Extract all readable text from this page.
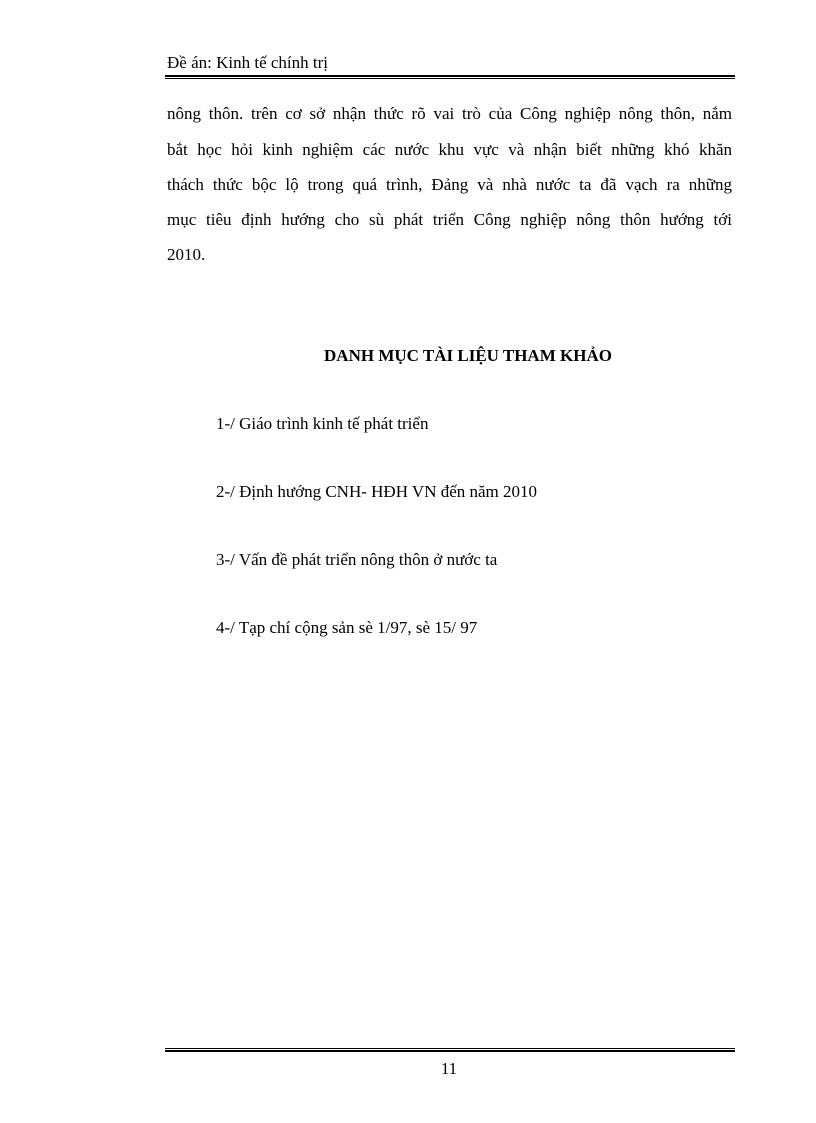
Đề án: Kinh tế chính trị
nông thôn. trên cơ sở nhận thức rõ vai trò của Công nghiệp nông thôn, nắm
bắt học hỏi kinh nghiệm các nước khu vực và nhận biết những khó khăn
thách thức bộc lộ trong quá trình, Đảng và nhà nước ta đã vạch ra những
mục tiêu định hướng cho sù phát triển Công nghiệp nông thôn hướng tới
2010.
DANH MỤC TÀI LIỆU THAM KHẢO
1-/ Giáo trình kinh tế phát triển
2-/ Định hướng CNH- HĐH VN đến năm 2010
3-/ Vấn đề phát triển nông thôn ở nước ta
4-/ Tạp chí cộng sản sè 1/97, sè 15/ 97
11
